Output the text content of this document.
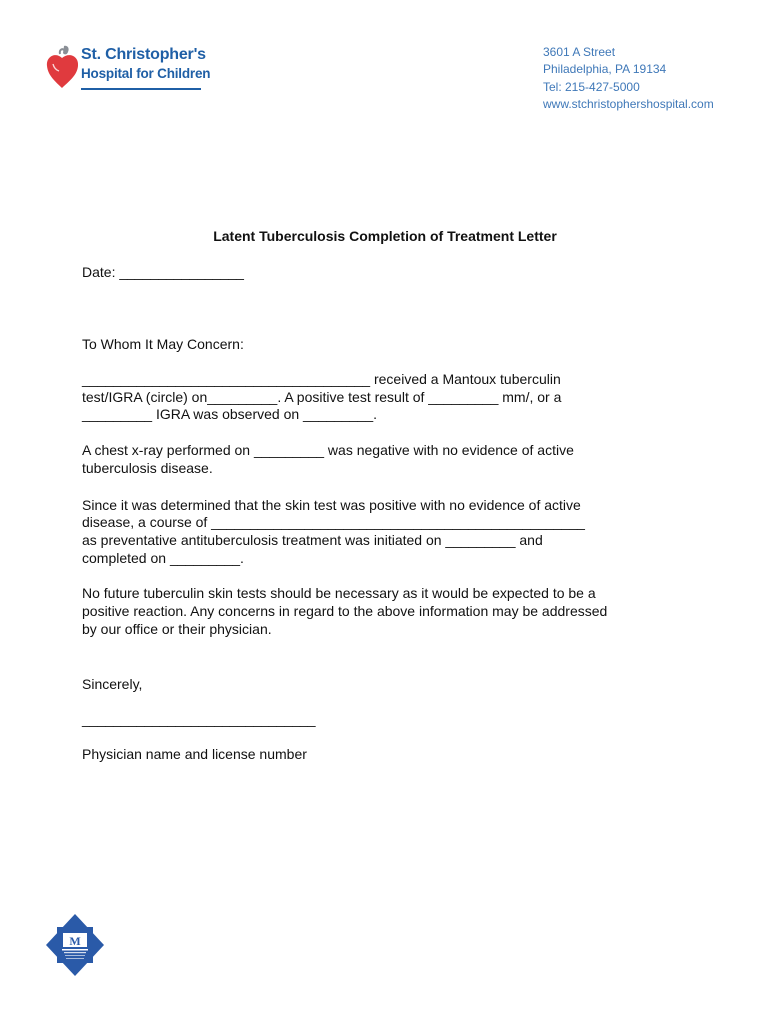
St. Christopher's
Hospital for Children
3601 A Street
Philadelphia, PA 19134
Tel: 215-427-5000
www.stchristophershospital.com
Latent Tuberculosis Completion of Treatment Letter
Date: ________________
To Whom It May Concern:
_____________________________________ received a Mantoux tuberculin
test/IGRA (circle) on_________. A positive test result of _________ mm/, or a
_________ IGRA was observed on _________.
A chest x-ray performed on _________ was negative with no evidence of active
tuberculosis disease.
Since it was determined that the skin test was positive with no evidence of active
disease, a course of ________________________________________________
as preventative antituberculosis treatment was initiated on _________ and
completed on _________.
No future tuberculin skin tests should be necessary as it would be expected to be a
positive reaction. Any concerns in regard to the above information may be addressed
by our office or their physician.
Sincerely,
______________________________
Physician name and license number
M
